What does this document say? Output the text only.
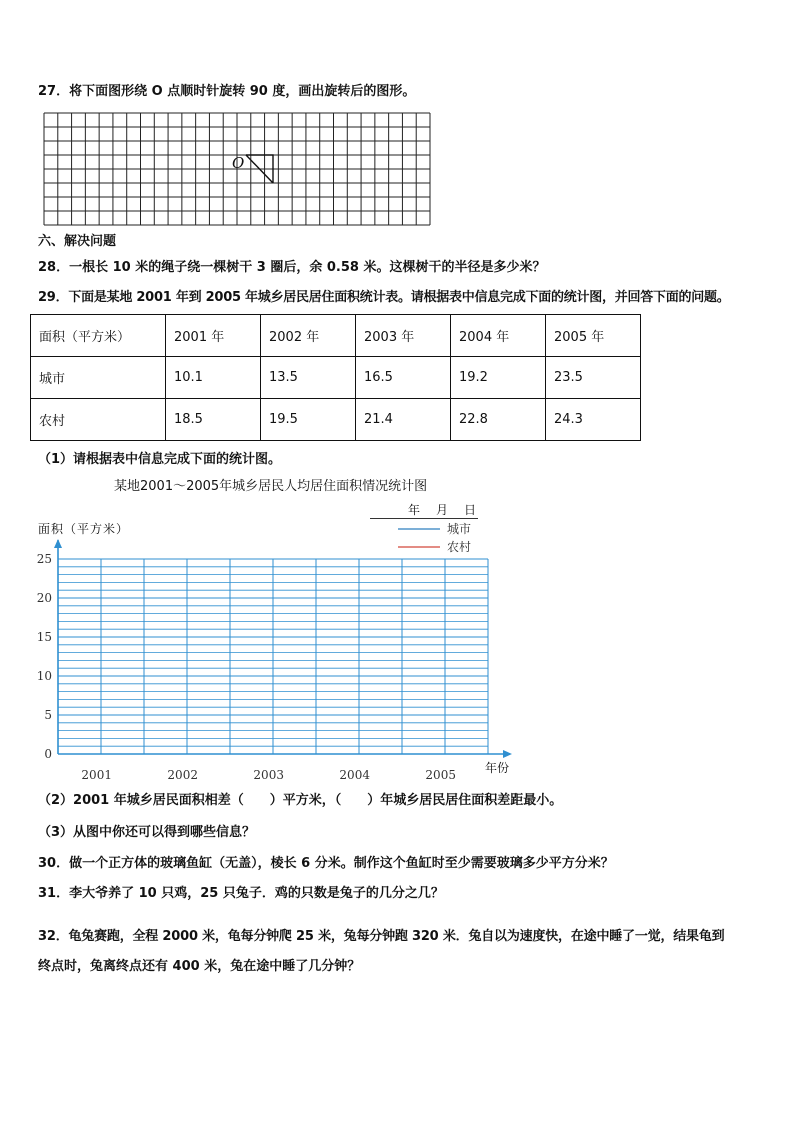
27．将下面图形绕 O 点顺时针旋转 90 度，画出旋转后的图形。
O
六、解决问题
28．一根长 10 米的绳子绕一棵树干 3 圈后，余 0.58 米。这棵树干的半径是多少米？
29．下面是某地 2001 年到 2005 年城乡居民居住面积统计表。请根据表中信息完成下面的统计图，并回答下面的问题。
面积（平方米）	2001 年	2002 年	2003 年	2004 年	2005 年
城市	10.1	13.5	16.5	19.2	23.5
农村	18.5	19.5	21.4	22.8	24.3
（1）请根据表中信息完成下面的统计图。
某地2001～2005年城乡居民人均居住面积情况统计图
0
5
10
15
20
25
2001	2002	2003	2004	2005
城市
农村
年　月　日
面积（平方米）
年份
（2）2001 年城乡居民面积相差（　　）平方米，（　　）年城乡居民居住面积差距最小。
（3）从图中你还可以得到哪些信息？
30．做一个正方体的玻璃鱼缸（无盖），棱长 6 分米。制作这个鱼缸时至少需要玻璃多少平方分米？
31．李大爷养了 10 只鸡，25 只兔子．鸡的只数是兔子的几分之几？
32．龟兔赛跑，全程 2000 米，龟每分钟爬 25 米，兔每分钟跑 320 米．兔自以为速度快，在途中睡了一觉，结果龟到
终点时，兔离终点还有 400 米，兔在途中睡了几分钟？
